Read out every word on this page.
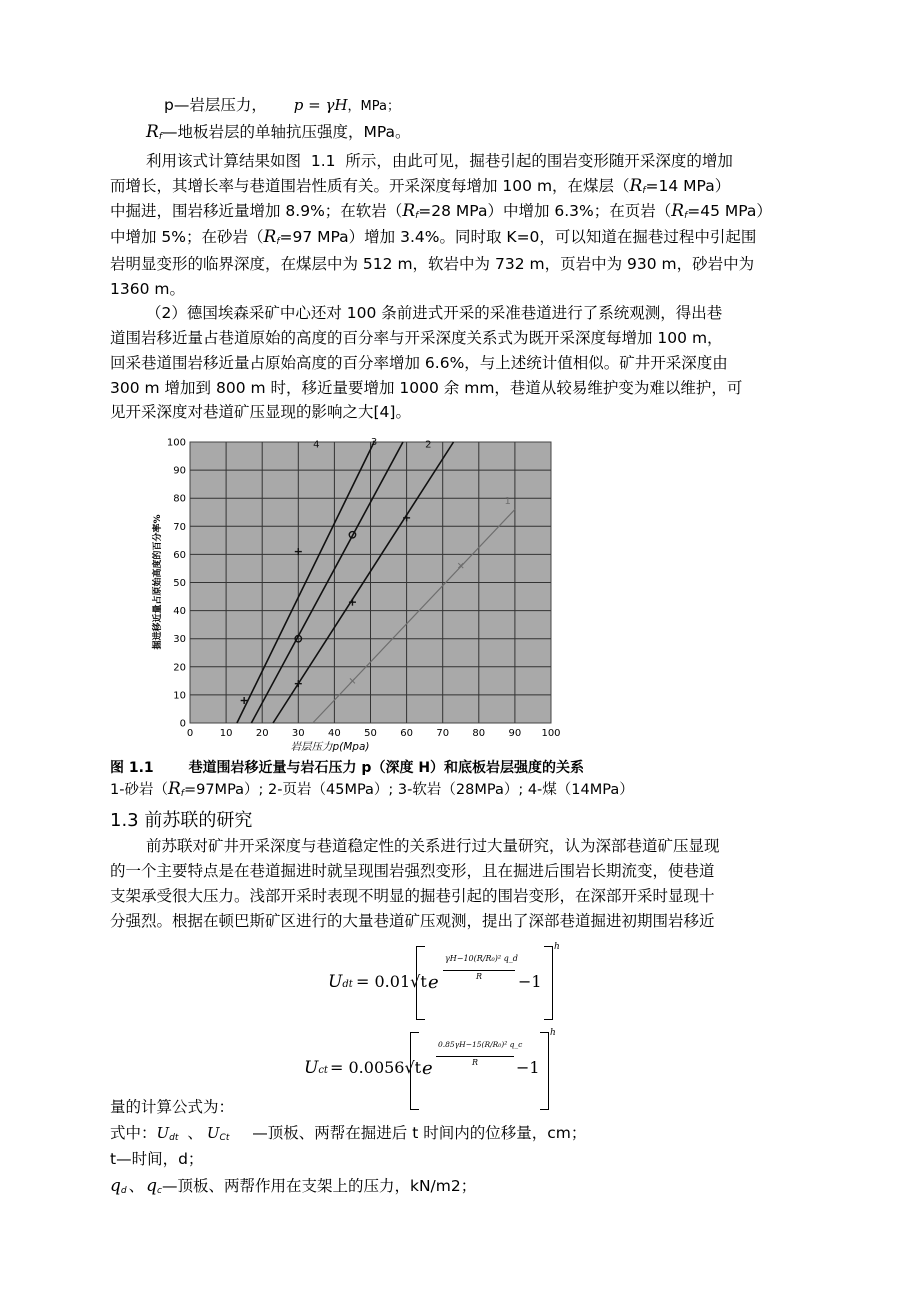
p—岩层压力， p = γH，MPa；
$R_f—$地板岩层的单轴抗压强度，MPa。
利用该式计算结果如图  1.1  所示，由此可见，掘巷引起的围岩变形随开采深度的增加
而增长，其增长率与巷道围岩性质有关。开采深度每增加 100 m，在煤层（$R_f=14$ MPa）
中掘进，围岩移近量增加 8.9%；在软岩（$R_f=28$ MPa）中增加 6.3%；在页岩（$R_f=45$ MPa）
中增加 5%；在砂岩（$R_f=97$ MPa）增加 3.4%。同时取 K=0，可以知道在掘巷过程中引起围
岩明显变形的临界深度，在煤层中为 512 m，软岩中为 732 m，页岩中为 930 m，砂岩中为
1360 m。
（2）德国埃森采矿中心还对 100 条前进式开采的采准巷道进行了系统观测，得出巷
道围岩移近量占巷道原始的高度的百分率与开采深度关系式为既开采深度每增加 100 m，
回采巷道围岩移近量占原始高度的百分率增加 6.6%，与上述统计值相似。矿井开采深度由
300 m 增加到 800 m 时，移近量要增加 1000 余 mm，巷道从较易维护变为难以维护，可
见开采深度对巷道矿压显现的影响之大[4]。
0	10 20 30 40 50 60 70 80 90 100
0
10
20
30
40
50
60
70
80
90
100
1
2
3
4
岩层压力p(Mpa)
掘进移近量占原始高度的百分率%
图 1.1 巷道围岩移近量与岩石压力 p（深度 H）和底板岩层强度的关系
1-砂岩$(R_f=97MPa)$; 2-页岩（45MPa）; 3-软岩（28MPa）; 4-煤（14MPa）
1.3 前苏联的研究
前苏联对矿井开采深度与巷道稳定性的关系进行过大量研究，认为深部巷道矿压显现
的一个主要特点是在巷道掘进时就呈现围岩强烈变形，且在掘进后围岩长期流变，使巷道
支架承受很大压力。浅部开采时表现不明显的掘巷引起的围岩变形，在深部开采时显现十
分强烈。根据在顿巴斯矿区进行的大量巷道矿压观测，提出了深部巷道掘进初期围岩移近
Udt = 0.01√t e
γH−10(R/R₀)² q_d
R −1
h
Uct = 0.0056√t e
0.85γH−15(R/R₀)² q_c
R −1
h
量的计算公式为：
式中：$U_{dt}$ 、 $U_{Ct}$ —顶板、两帮在掘进后 t 时间内的位移量，cm；
t—时间，d；
$q_d$ 、 $q_c—$顶板、两帮作用在支架上的压力，kN/m2；
